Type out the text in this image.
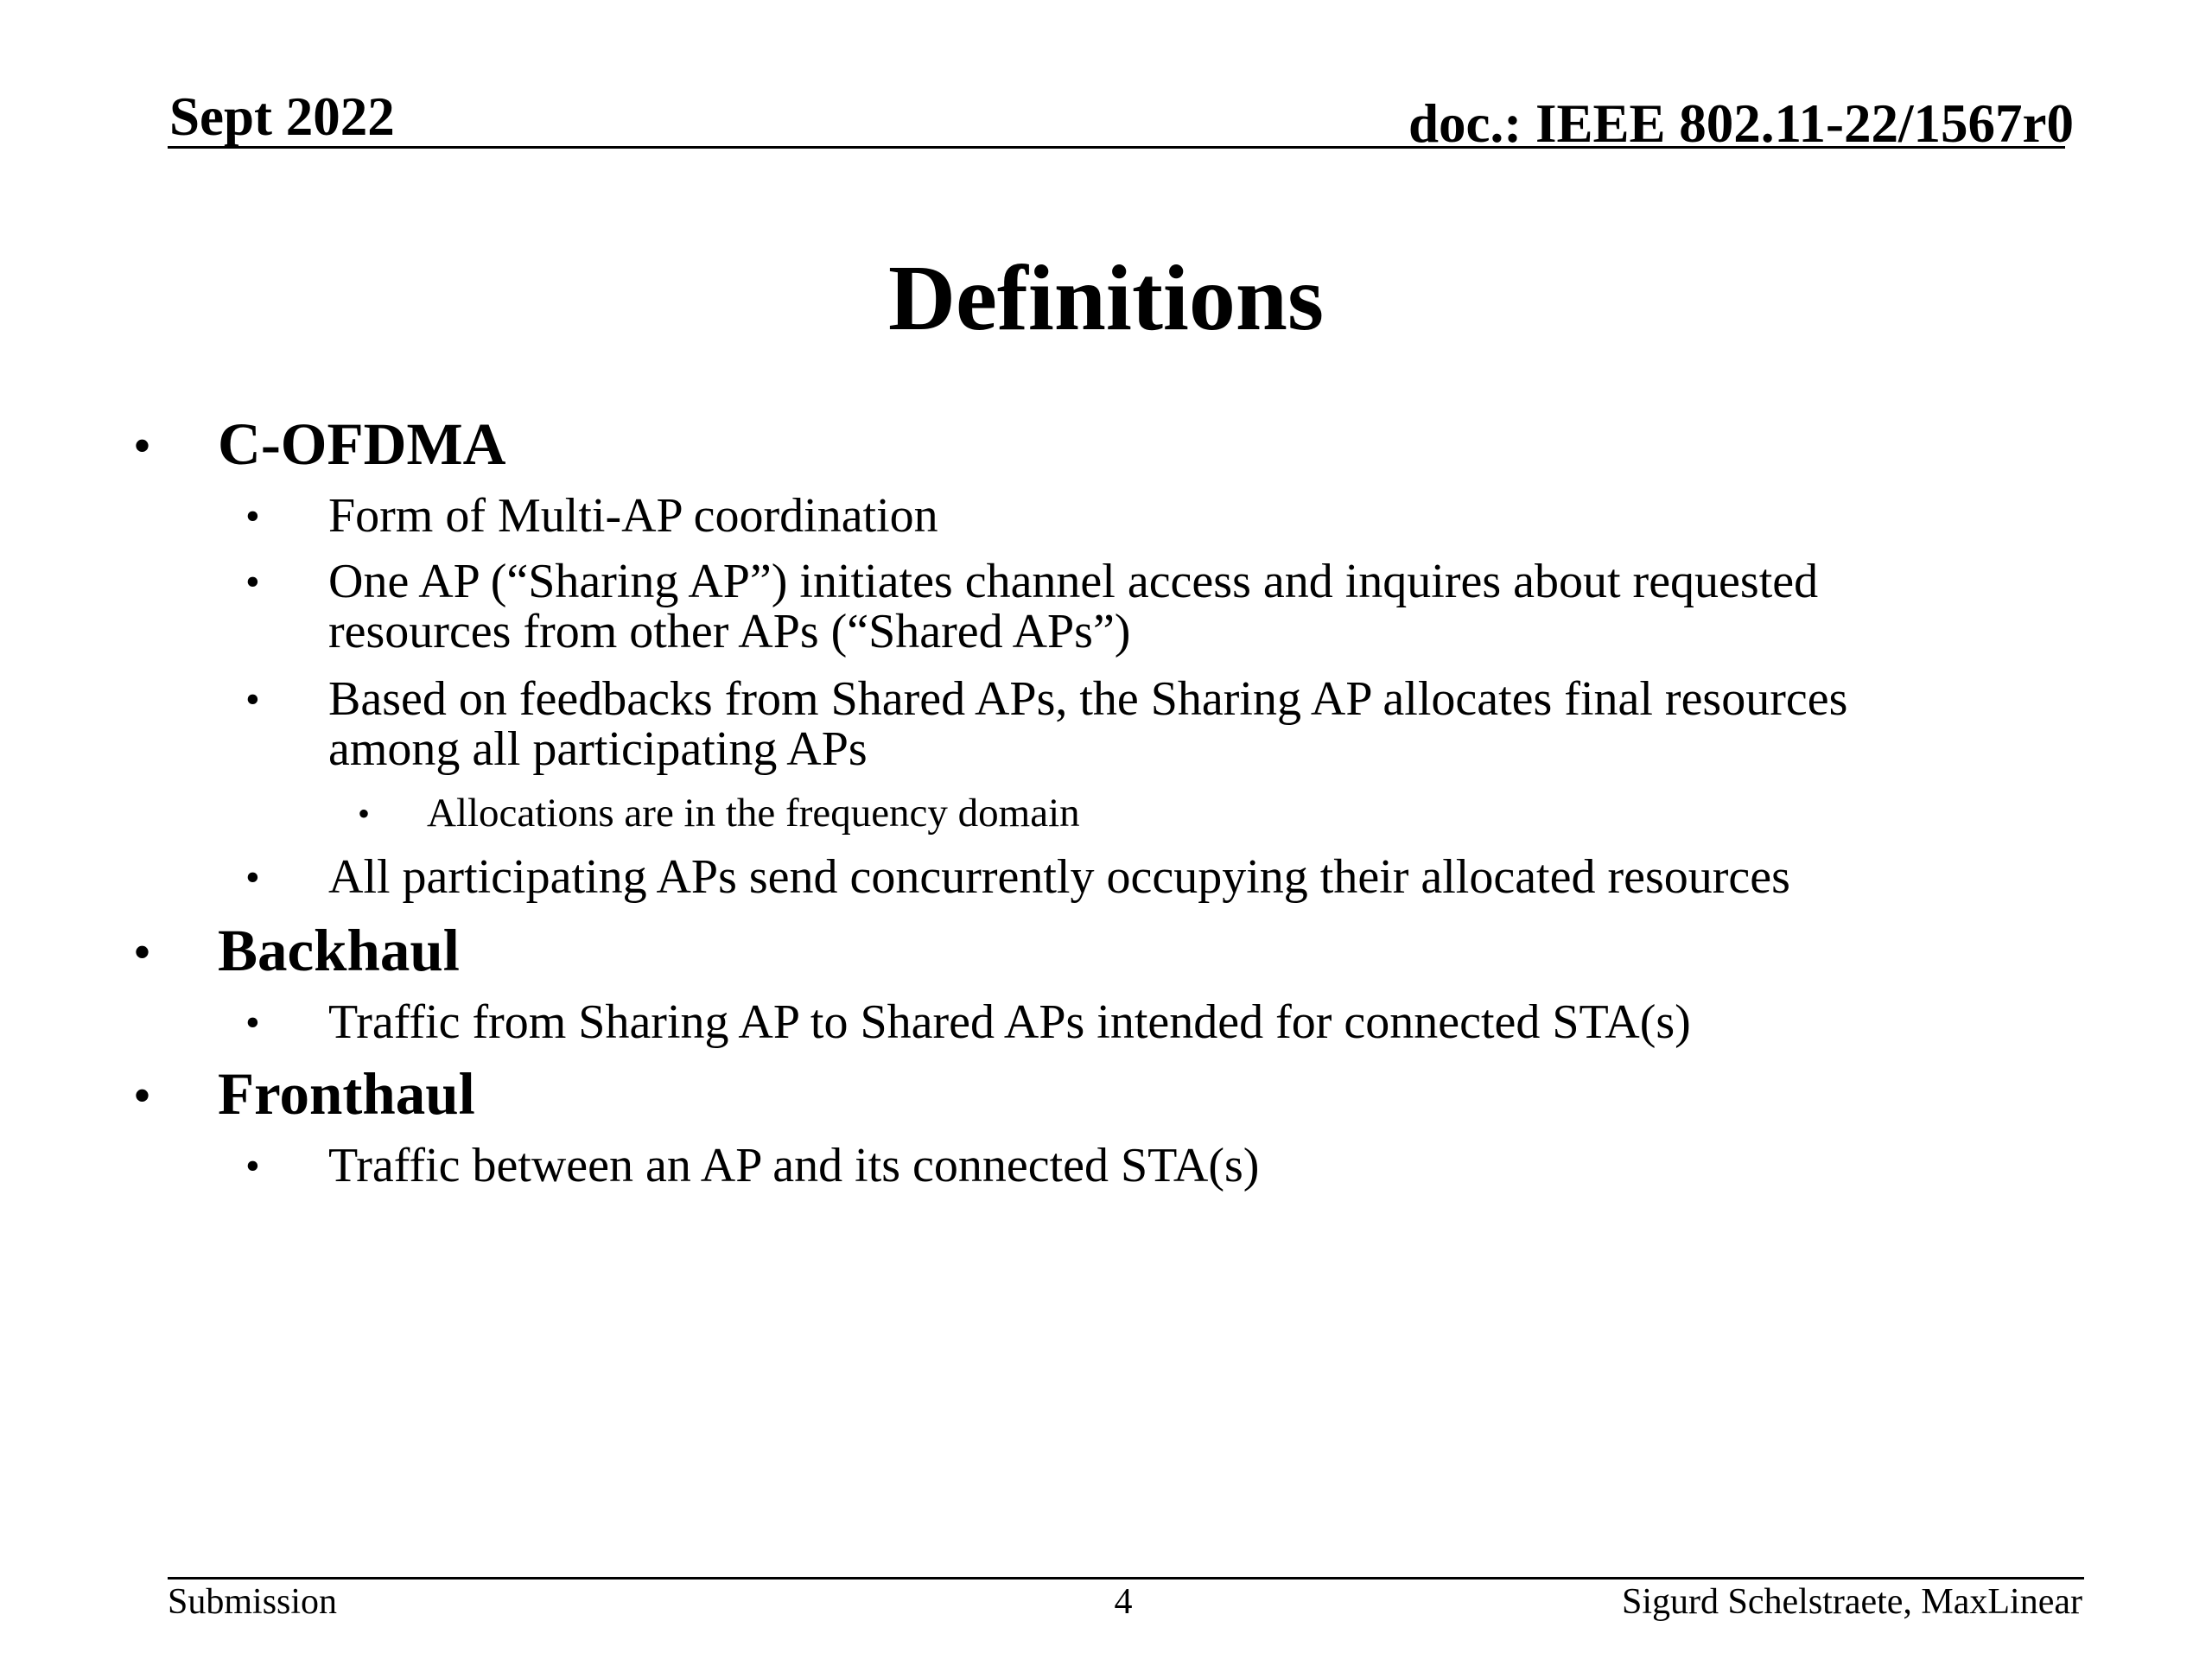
Sept 2022	doc.: IEEE 802.11-22/1567r0
Definitions
• C-OFDMA
• Form of Multi-AP coordination
• One AP (“Sharing AP”) initiates channel access and inquires about requested
resources from other APs (“Shared APs”)
• Based on feedbacks from Shared APs, the Sharing AP allocates final resources
among all participating APs
• Allocations are in the frequency domain
• All participating APs send concurrently occupying their allocated resources
• Backhaul
• Traffic from Sharing AP to Shared APs intended for connected STA(s)
• Fronthaul
• Traffic between an AP and its connected STA(s)
Submission	4	Sigurd Schelstraete, MaxLinear
